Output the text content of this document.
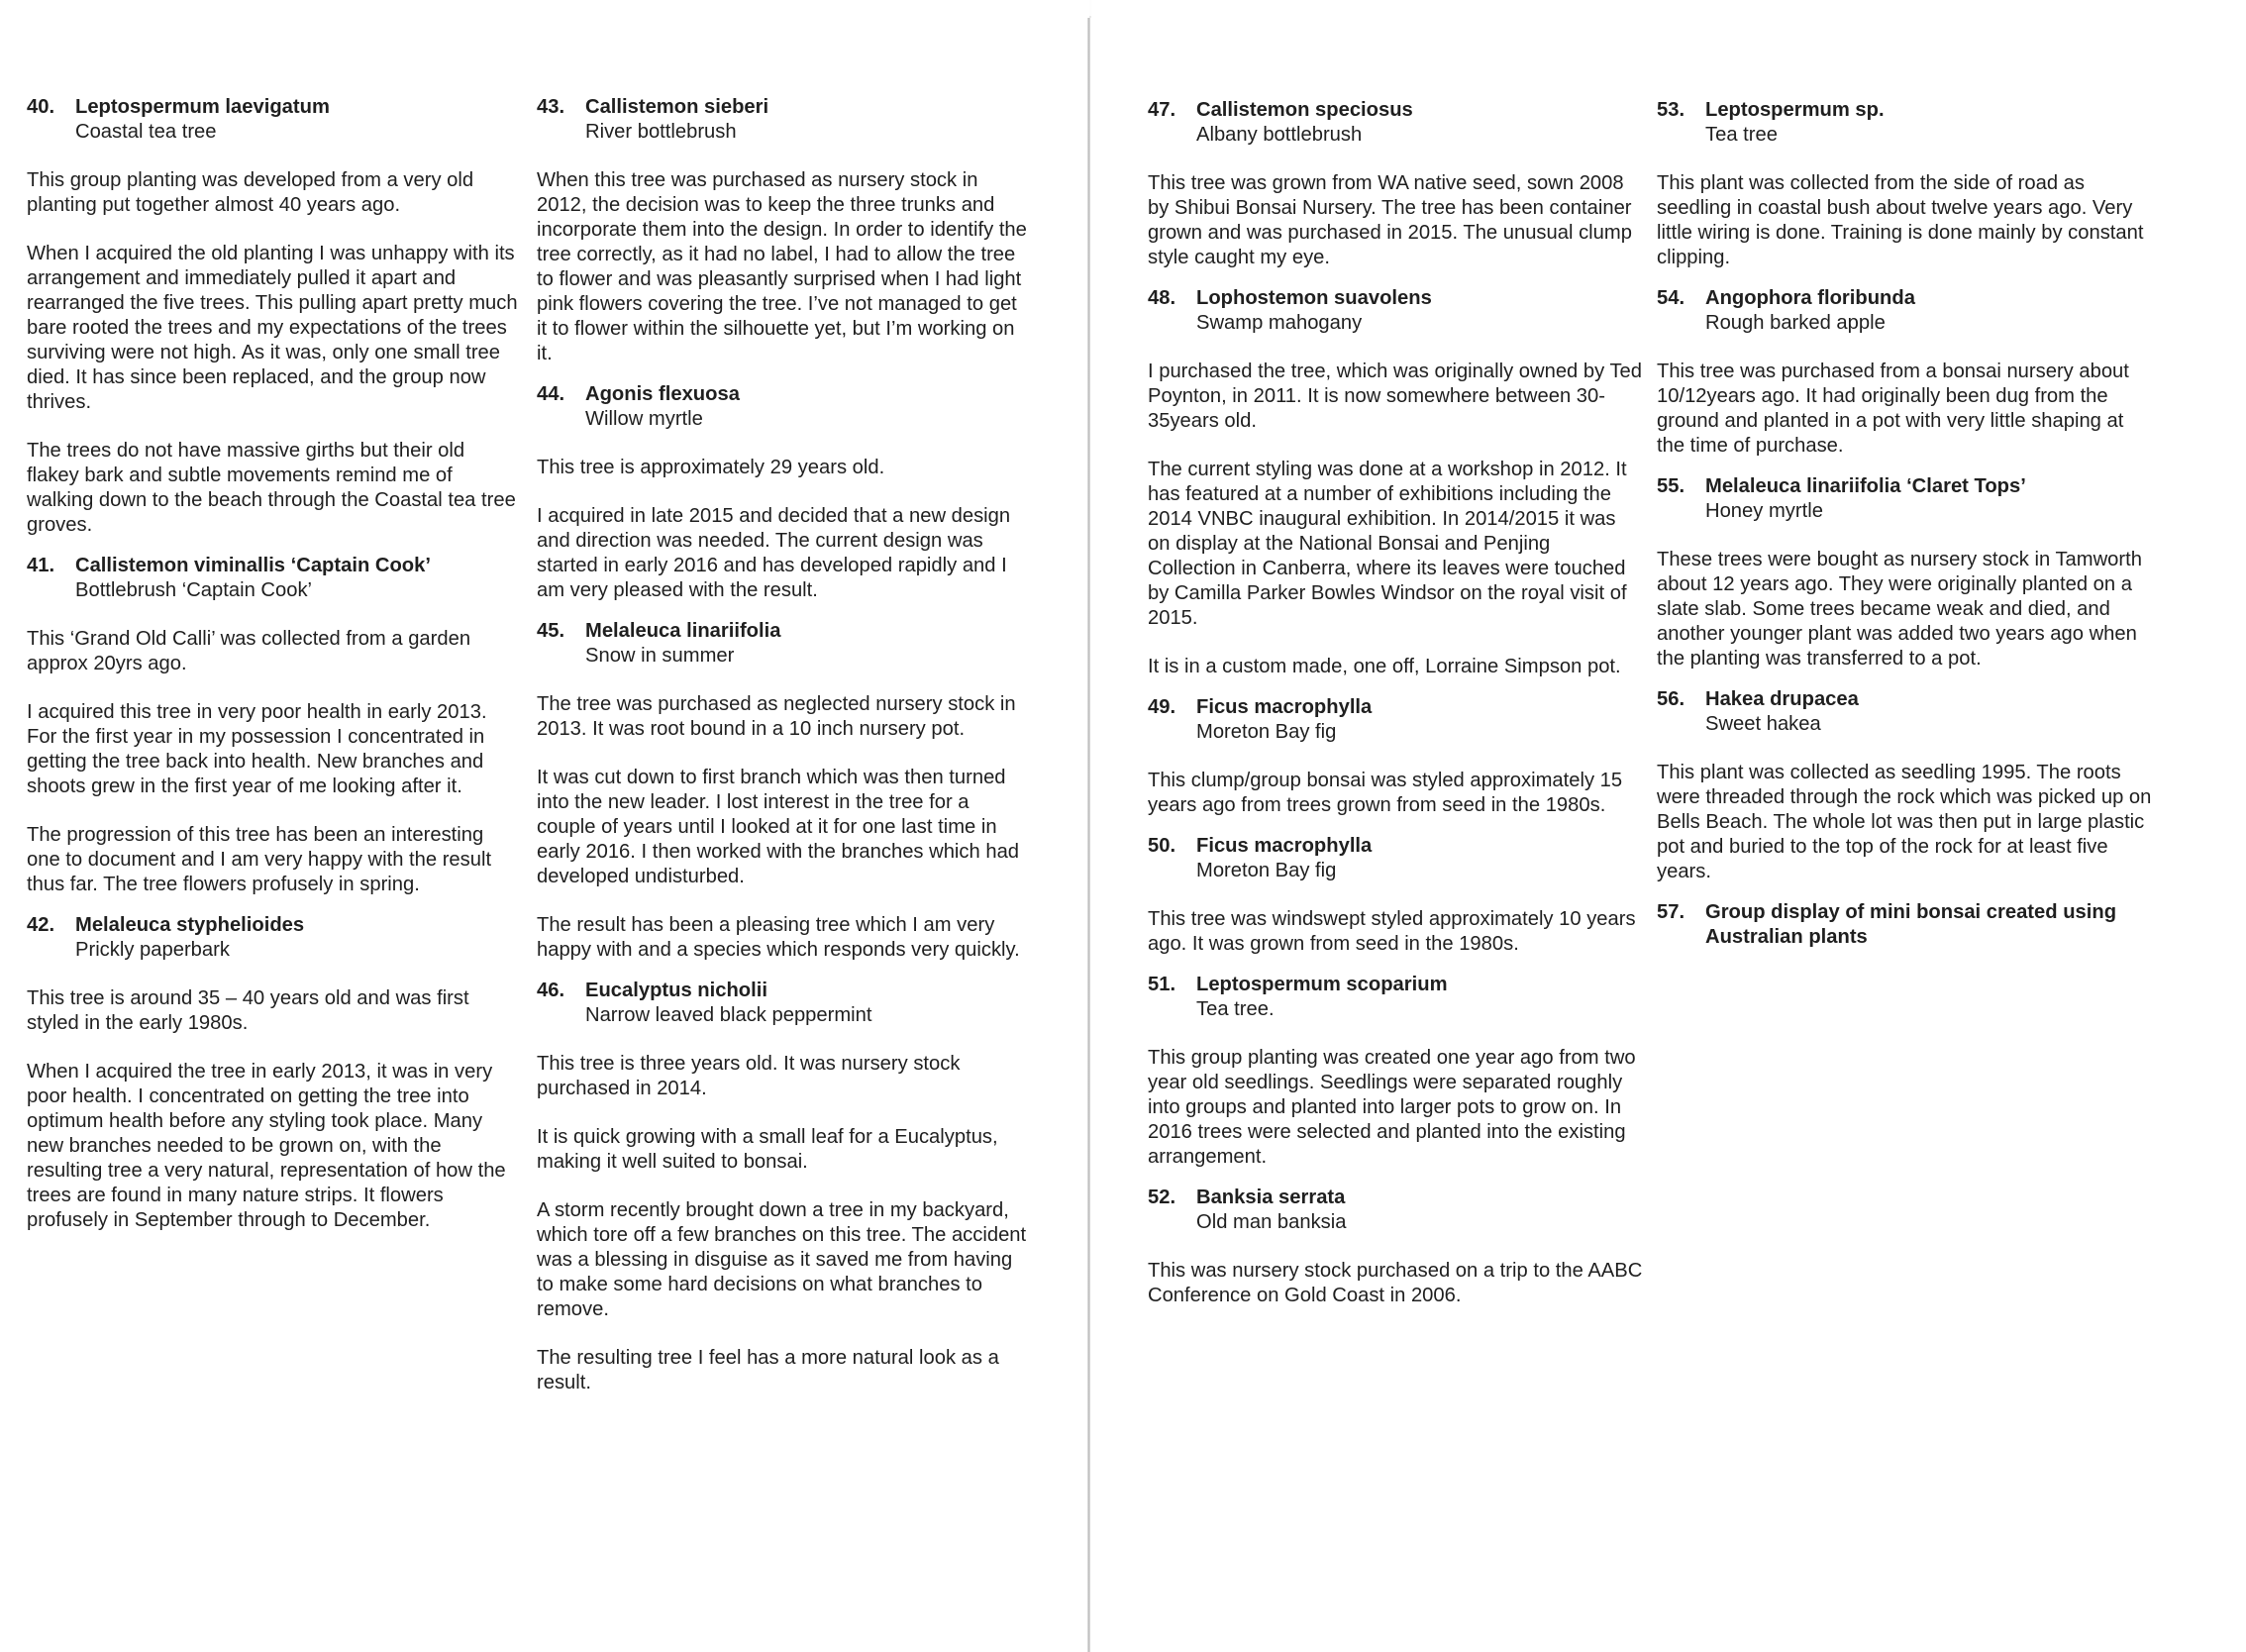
40.	Leptospermum laevigatum
Coastal tea tree

This group planting was developed from a very old planting put together almost 40 years ago.

When I acquired the old planting I was unhappy with its arrangement and immediately pulled it apart and rearranged the five trees. This pulling apart pretty much bare rooted the trees and my expectations of the trees surviving were not high. As it was, only one small tree died. It has since been replaced, and the group now thrives.

The trees do not have massive girths but their old flakey bark and subtle movements remind me of walking down to the beach through the Coastal tea tree groves.

41.	Callistemon viminallis ‘Captain Cook’
Bottlebrush ‘Captain Cook’

This ‘Grand Old Calli’ was collected from a garden approx 20yrs ago.

I acquired this tree in very poor health in early 2013. For the first year in my possession I concentrated in getting the tree back into health. New branches and shoots grew in the first year of me looking after it.

The progression of this tree has been an interesting one to document and I am very happy with the result thus far. The tree flowers profusely in spring.

42.	Melaleuca styphelioides
Prickly paperbark

This tree is around 35 – 40 years old and was first styled in the early 1980s.

When I acquired the tree in early 2013, it was in very poor health. I concentrated on getting the tree into optimum health before any styling took place. Many new branches needed to be grown on, with the resulting tree a very natural, representation of how the trees are found in many nature strips. It flowers profusely in September through to December.

43.	Callistemon sieberi
River bottlebrush

When this tree was purchased as nursery stock in 2012, the decision was to keep the three trunks and incorporate them into the design. In order to identify the tree correctly, as it had no label, I had to allow the tree to flower and was pleasantly surprised when I had light pink flowers covering the tree. I’ve not managed to get it to flower within the silhouette yet, but I’m working on it.

44.	Agonis flexuosa
Willow myrtle

This tree is approximately 29 years old.

I acquired in late 2015 and decided that a new design and direction was needed. The current design was started in early 2016 and has developed rapidly and I am very pleased with the result.

45.	Melaleuca linariifolia
Snow in summer

The tree was purchased as neglected nursery stock in 2013. It was root bound in a 10 inch nursery pot.

It was cut down to first branch which was then turned into the new leader. I lost interest in the tree for a couple of years until I looked at it for one last time in early 2016. I then worked with the branches which had developed undisturbed.

The result has been a pleasing tree which I am very happy with and a species which responds very quickly.

46.	Eucalyptus nicholii
Narrow leaved black peppermint

This tree is three years old. It was nursery stock purchased in 2014.

It is quick growing with a small leaf for a Eucalyptus, making it well suited to bonsai.

A storm recently brought down a tree in my backyard, which tore off a few branches on this tree. The accident was a blessing in disguise as it saved me from having to make some hard decisions on what branches to remove.

The resulting tree I feel has a more natural look as a result.

47.	Callistemon speciosus
Albany bottlebrush

This tree was grown from WA native seed, sown 2008 by Shibui Bonsai Nursery. The tree has been container grown and was purchased in 2015. The unusual clump style caught my eye.

48.	Lophostemon suavolens
Swamp mahogany

I purchased the tree, which was originally owned by Ted Poynton, in 2011. It is now somewhere between 30-35years old.

The current styling was done at a workshop in 2012. It has featured at a number of exhibitions including the 2014 VNBC inaugural exhibition. In 2014/2015 it was on display at the National Bonsai and Penjing Collection in Canberra, where its leaves were touched by Camilla Parker Bowles Windsor on the royal visit of 2015.

It is in a custom made, one off, Lorraine Simpson pot.

49.	Ficus macrophylla
Moreton Bay fig

This clump/group bonsai was styled approximately 15 years ago from trees grown from seed in the 1980s.

50.	Ficus macrophylla
Moreton Bay fig

This tree was windswept styled approximately 10 years ago. It was grown from seed in the 1980s.

51.	Leptospermum scoparium
Tea tree.

This group planting was created one year ago from two year old seedlings. Seedlings were separated roughly into groups and planted into larger pots to grow on. In 2016 trees were selected and planted into the existing arrangement.

52.	Banksia serrata
Old man banksia

This was nursery stock purchased on a trip to the AABC Conference on Gold Coast in 2006.

53.	Leptospermum sp.
Tea tree

This plant was collected from the side of road as seedling in coastal bush about twelve years ago. Very little wiring is done. Training is done mainly by constant clipping.

54.	Angophora floribunda
Rough barked apple

This tree was purchased from a bonsai nursery about 10/12years ago. It had originally been dug from the ground and planted in a pot with very little shaping at the time of purchase.

55.	Melaleuca linariifolia ‘Claret Tops’
Honey myrtle

These trees were bought as nursery stock in Tamworth about 12 years ago. They were originally planted on a slate slab. Some trees became weak and died, and another younger plant was added two years ago when the planting was transferred to a pot.

56.	Hakea drupacea
Sweet hakea

This plant was collected as seedling 1995. The roots were threaded through the rock which was picked up on Bells Beach. The whole lot was then put in large plastic pot and buried to the top of the rock for at least five years.

57.	Group display of mini bonsai created using Australian plants
